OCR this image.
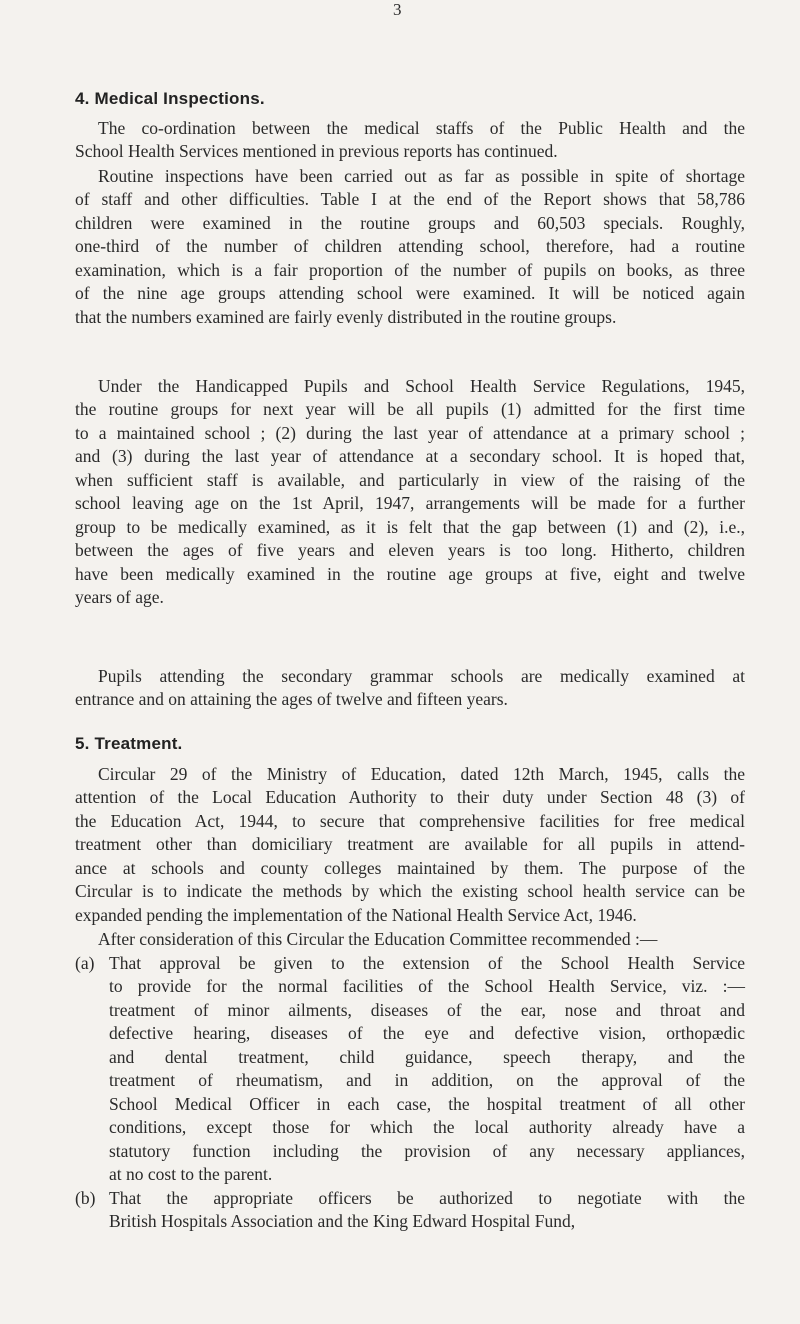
3
4. Medical Inspections.
The co-ordination between the medical staffs of the Public Health and the
School Health Services mentioned in previous reports has continued.
Routine inspections have been carried out as far as possible in spite of shortage
of staff and other difficulties. Table I at the end of the Report shows that 58,786
children were examined in the routine groups and 60,503 specials. Roughly,
one-third of the number of children attending school, therefore, had a routine
examination, which is a fair proportion of the number of pupils on books, as three
of the nine age groups attending school were examined. It will be noticed again
that the numbers examined are fairly evenly distributed in the routine groups.
Under the Handicapped Pupils and School Health Service Regulations, 1945,
the routine groups for next year will be all pupils (1) admitted for the first time
to a maintained school ; (2) during the last year of attendance at a primary school ;
and (3) during the last year of attendance at a secondary school. It is hoped that,
when sufficient staff is available, and particularly in view of the raising of the
school leaving age on the 1st April, 1947, arrangements will be made for a further
group to be medically examined, as it is felt that the gap between (1) and (2), i.e.,
between the ages of five years and eleven years is too long. Hitherto, children
have been medically examined in the routine age groups at five, eight and twelve
years of age.
Pupils attending the secondary grammar schools are medically examined at
entrance and on attaining the ages of twelve and fifteen years.
5. Treatment.
Circular 29 of the Ministry of Education, dated 12th March, 1945, calls the
attention of the Local Education Authority to their duty under Section 48 (3) of
the Education Act, 1944, to secure that comprehensive facilities for free medical
treatment other than domiciliary treatment are available for all pupils in attend-
ance at schools and county colleges maintained by them. The purpose of the
Circular is to indicate the methods by which the existing school health service can be
expanded pending the implementation of the National Health Service Act, 1946.
After consideration of this Circular the Education Committee recommended :—
(a) That approval be given to the extension of the School Health Service
to provide for the normal facilities of the School Health Service, viz. :—
treatment of minor ailments, diseases of the ear, nose and throat and
defective hearing, diseases of the eye and defective vision, orthopædic
and dental treatment, child guidance, speech therapy, and the
treatment of rheumatism, and in addition, on the approval of the
School Medical Officer in each case, the hospital treatment of all other
conditions, except those for which the local authority already have a
statutory function including the provision of any necessary appliances,
at no cost to the parent.
(b) That the appropriate officers be authorized to negotiate with the
British Hospitals Association and the King Edward Hospital Fund,
